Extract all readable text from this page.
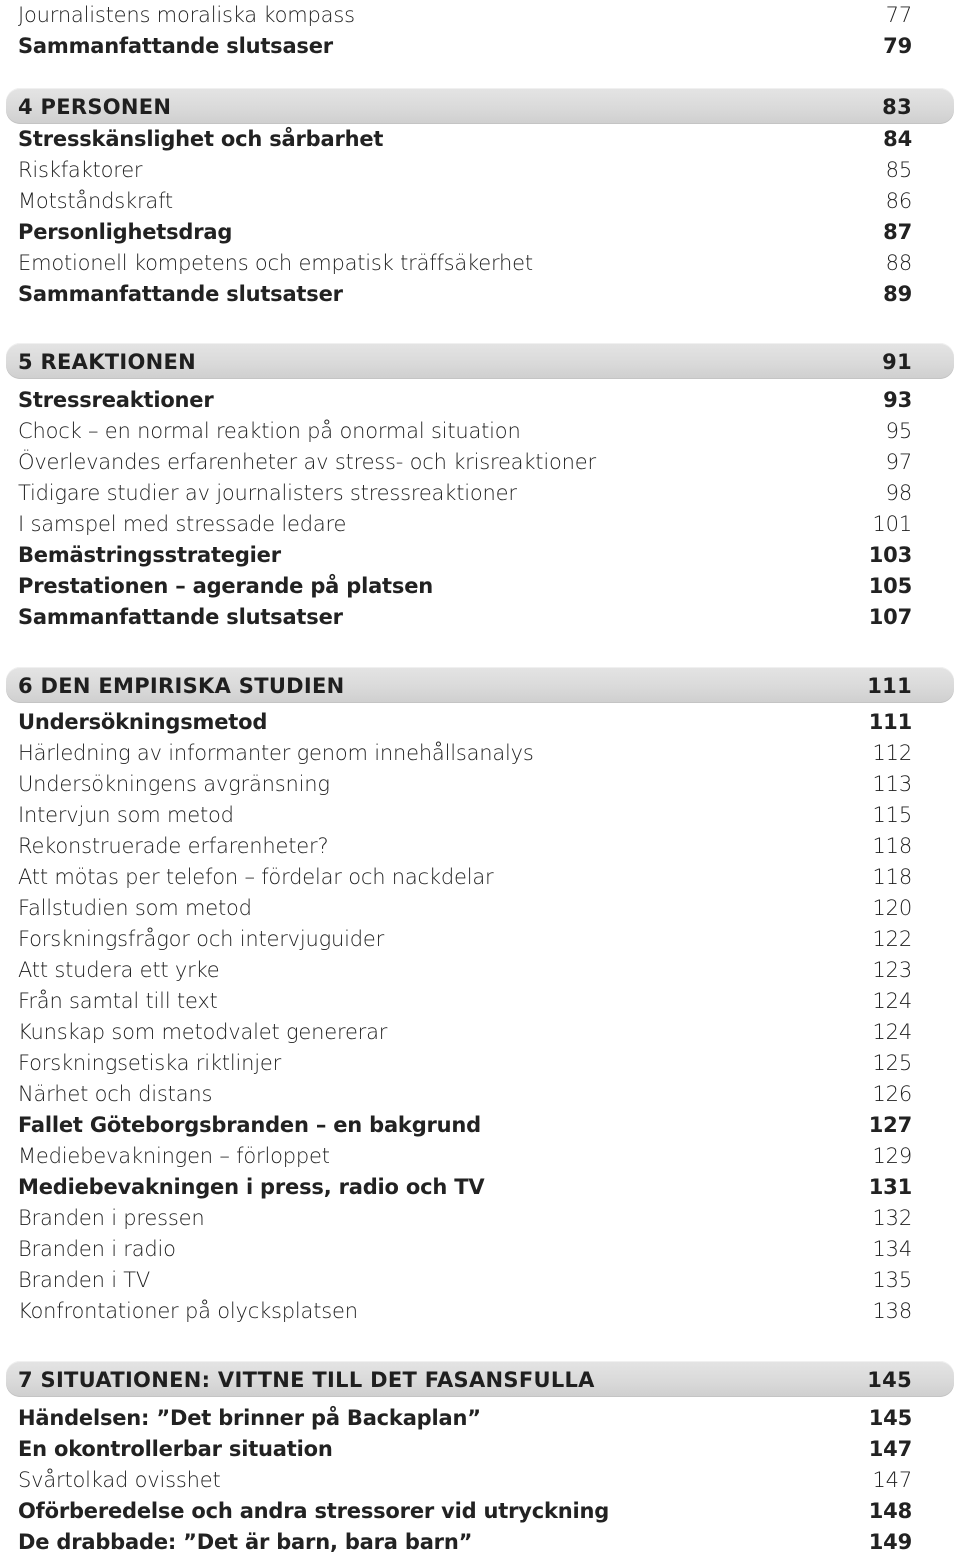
Journalistens moraliska kompass	77
Sammanfattande slutsaser	79
4 PERSONEN	83
Stresskänslighet och sårbarhet	84
Riskfaktorer	85
Motståndskraft	86
Personlighetsdrag	87
Emotionell kompetens och empatisk träffsäkerhet	88
Sammanfattande slutsatser	89
5 REAKTIONEN	91
Stressreaktioner	93
Chock – en normal reaktion på onormal situation	95
Överlevandes erfarenheter av stress- och krisreaktioner	97
Tidigare studier av journalisters stressreaktioner	98
I samspel med stressade ledare	101
Bemästringsstrategier	103
Prestationen – agerande på platsen	105
Sammanfattande slutsatser	107
6 DEN EMPIRISKA STUDIEN	111
Undersökningsmetod	111
Härledning av informanter genom innehållsanalys	112
Undersökningens avgränsning	113
Intervjun som metod	115
Rekonstruerade erfarenheter?	118
Att mötas per telefon – fördelar och nackdelar	118
Fallstudien som metod	120
Forskningsfrågor och intervjuguider	122
Att studera ett yrke	123
Från samtal till text	124
Kunskap som metodvalet genererar	124
Forskningsetiska riktlinjer	125
Närhet och distans	126
Fallet Göteborgsbranden – en bakgrund	127
Mediebevakningen – förloppet	129
Mediebevakningen i press, radio och TV	131
Branden i pressen	132
Branden i radio	134
Branden i TV	135
Konfrontationer på olycksplatsen	138
7 SITUATIONEN: VITTNE TILL DET FASANSFULLA	145
Händelsen: ”Det brinner på Backaplan”	145
En okontrollerbar situation	147
Svårtolkad ovisshet	147
Oförberedelse och andra stressorer vid utryckning	148
De drabbade: ”Det är barn, bara barn”	149
